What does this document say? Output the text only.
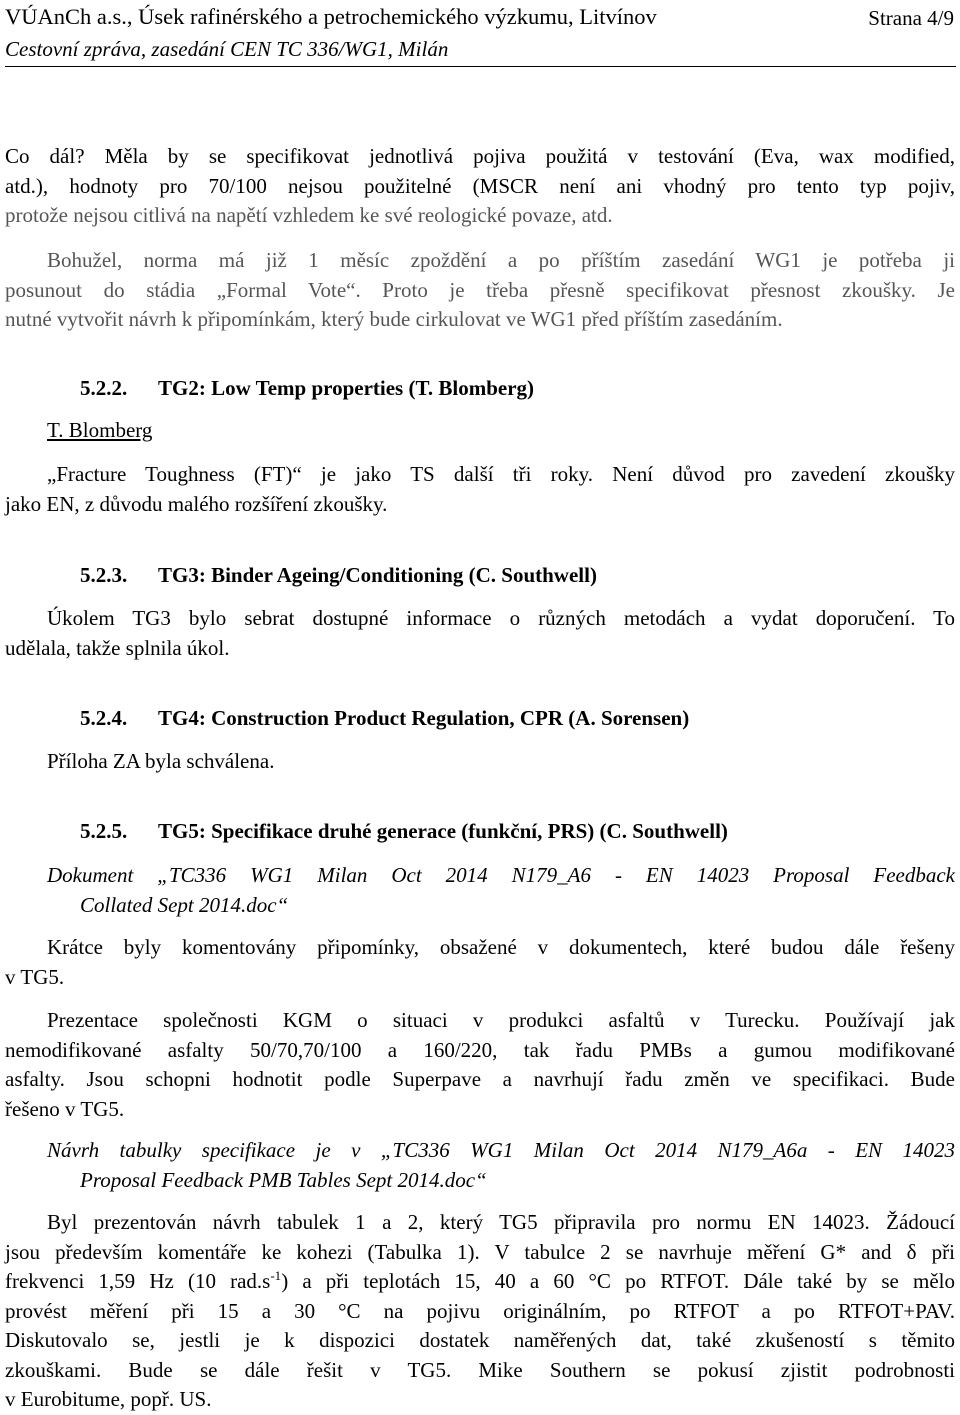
VÚAnCh a.s., Úsek rafinérského a petrochemického výzkumu, Litvínov	Strana 4/9
Cestovní zpráva, zasedání CEN TC 336/WG1, Milán
Co dál? Měla by se specifikovat jednotlivá pojiva použitá v testování (Eva, wax modified,
atd.), hodnoty pro 70/100 nejsou použitelné (MSCR není ani vhodný pro tento typ pojiv,
protože nejsou citlivá na napětí vzhledem ke své reologické povaze, atd.
Bohužel, norma má již 1 měsíc zpoždění a po příštím zasedání WG1 je potřeba ji
posunout do stádia „Formal Vote“. Proto je třeba přesně specifikovat přesnost zkoušky. Je
nutné vytvořit návrh k připomínkám, který bude cirkulovat ve WG1 před příštím zasedáním.
5.2.2. TG2: Low Temp properties (T. Blomberg)
T. Blomberg
„Fracture Toughness (FT)“ je jako TS další tři roky. Není důvod pro zavedení zkoušky
jako EN, z důvodu malého rozšíření zkoušky.
5.2.3. TG3: Binder Ageing/Conditioning (C. Southwell)
Úkolem TG3 bylo sebrat dostupné informace o různých metodách a vydat doporučení. To
udělala, takže splnila úkol.
5.2.4. TG4: Construction Product Regulation, CPR (A. Sorensen)
Příloha ZA byla schválena.
5.2.5. TG5: Specifikace druhé generace (funkční, PRS) (C. Southwell)
Dokument „TC336 WG1 Milan Oct 2014 N179_A6 - EN 14023 Proposal Feedback
Collated Sept 2014.doc“
Krátce byly komentovány připomínky, obsažené v dokumentech, které budou dále řešeny
v TG5.
Prezentace společnosti KGM o situaci v produkci asfaltů v Turecku. Používají jak
nemodifikované asfalty 50/70,70/100 a 160/220, tak řadu PMBs a gumou modifikované
asfalty. Jsou schopni hodnotit podle Superpave a navrhují řadu změn ve specifikaci. Bude
řešeno v TG5.
Návrh tabulky specifikace je v „TC336 WG1 Milan Oct 2014 N179_A6a - EN 14023
Proposal Feedback PMB Tables Sept 2014.doc“
Byl prezentován návrh tabulek 1 a 2, který TG5 připravila pro normu EN 14023. Žádoucí
jsou především komentáře ke kohezi (Tabulka 1). V tabulce 2 se navrhuje měření G* and δ při
frekvenci 1,59 Hz (10 $rad.s^{-1}$) a při teplotách 15, 40 a 60 °C po RTFOT. Dále také by se mělo
provést měření při 15 a 30 °C na pojivu originálním, po RTFOT a po RTFOT+PAV.
Diskutovalo se, jestli je k dispozici dostatek naměřených dat, také zkušeností s těmito
zkouškami. Bude se dále řešit v TG5. Mike Southern se pokusí zjistit podrobnosti
v Eurobitume, popř. US.
